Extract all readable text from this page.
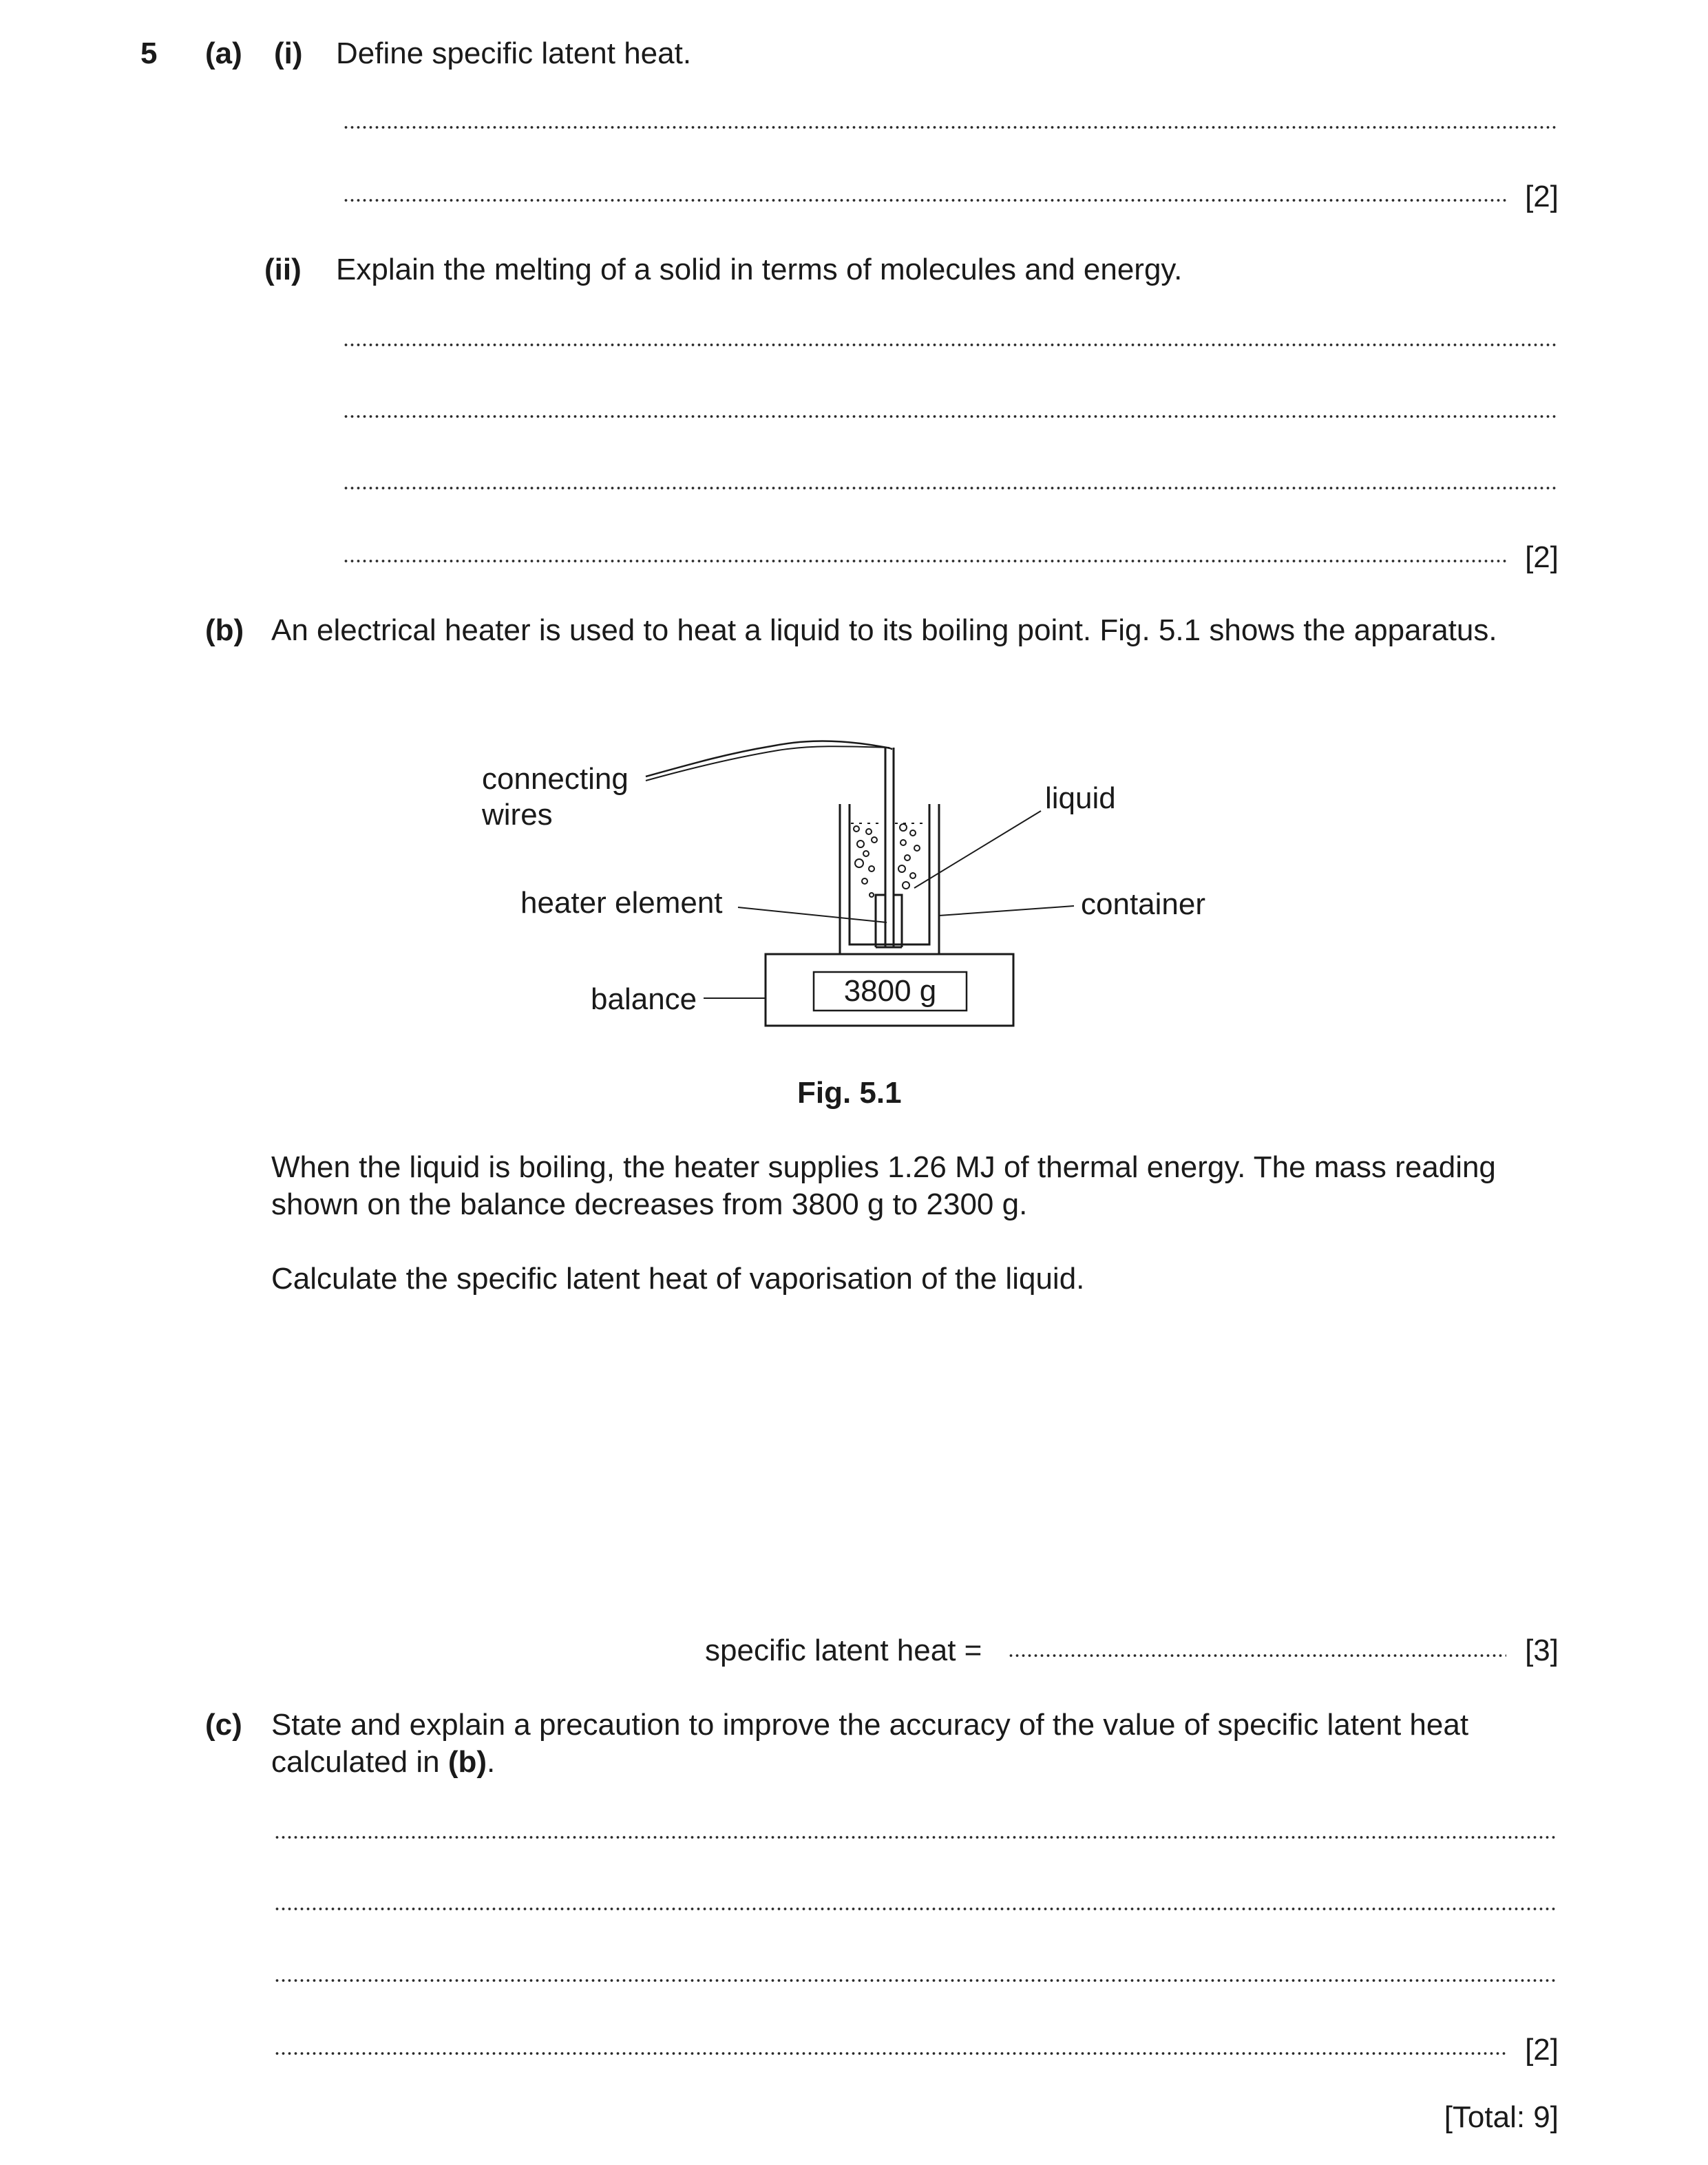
5 (a) (i) Define specific latent heat.
[2]
(ii) Explain the melting of a solid in terms of molecules and energy.
[2]
(b) An electrical heater is used to heat a liquid to its boiling point. Fig. 5.1 shows the apparatus.
connecting
wires	liquid
heater element	container
balance	3800 g
Fig. 5.1
When the liquid is boiling, the heater supplies 1.26 MJ of thermal energy. The mass reading
shown on the balance decreases from 3800 g to 2300 g.
Calculate the specific latent heat of vaporisation of the liquid.
specific latent heat =	[3]
(c) State and explain a precaution to improve the accuracy of the value of specific latent heat
calculated in (b).
[2]
[Total: 9]
